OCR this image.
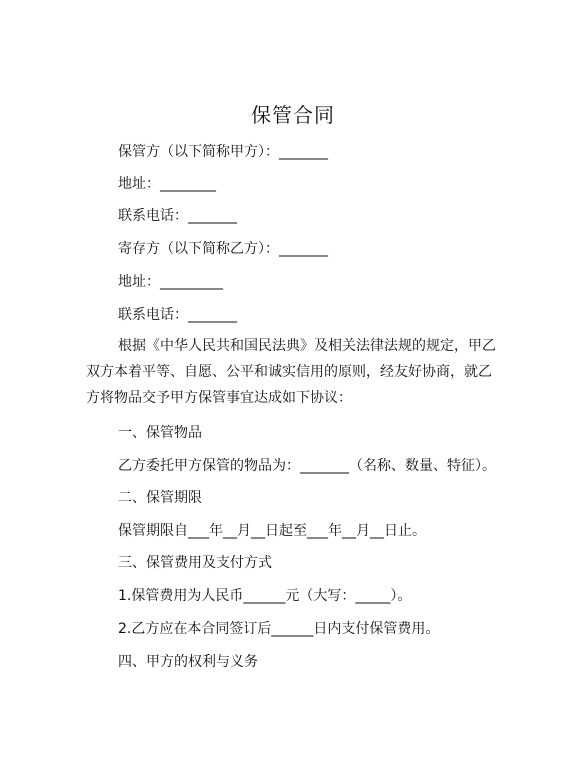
保管合同
保管方（以下简称甲方）：_______
地址：________
联系电话：_______
寄存方（以下简称乙方）：_______
地址：_________
联系电话：_______
根据《中华人民共和国民法典》及相关法律法规的规定，甲乙双方本着平等、自愿、公平和诚实信用的原则，经友好协商，就乙方将物品交予甲方保管事宜达成如下协议：
一、保管物品
乙方委托甲方保管的物品为：_______（名称、数量、特征）。
二、保管期限
保管期限自___年__月__日起至___年__月__日止。
三、保管费用及支付方式
1.保管费用为人民币______元（大写：_____）。
2.乙方应在本合同签订后______日内支付保管费用。
四、甲方的权利与义务
